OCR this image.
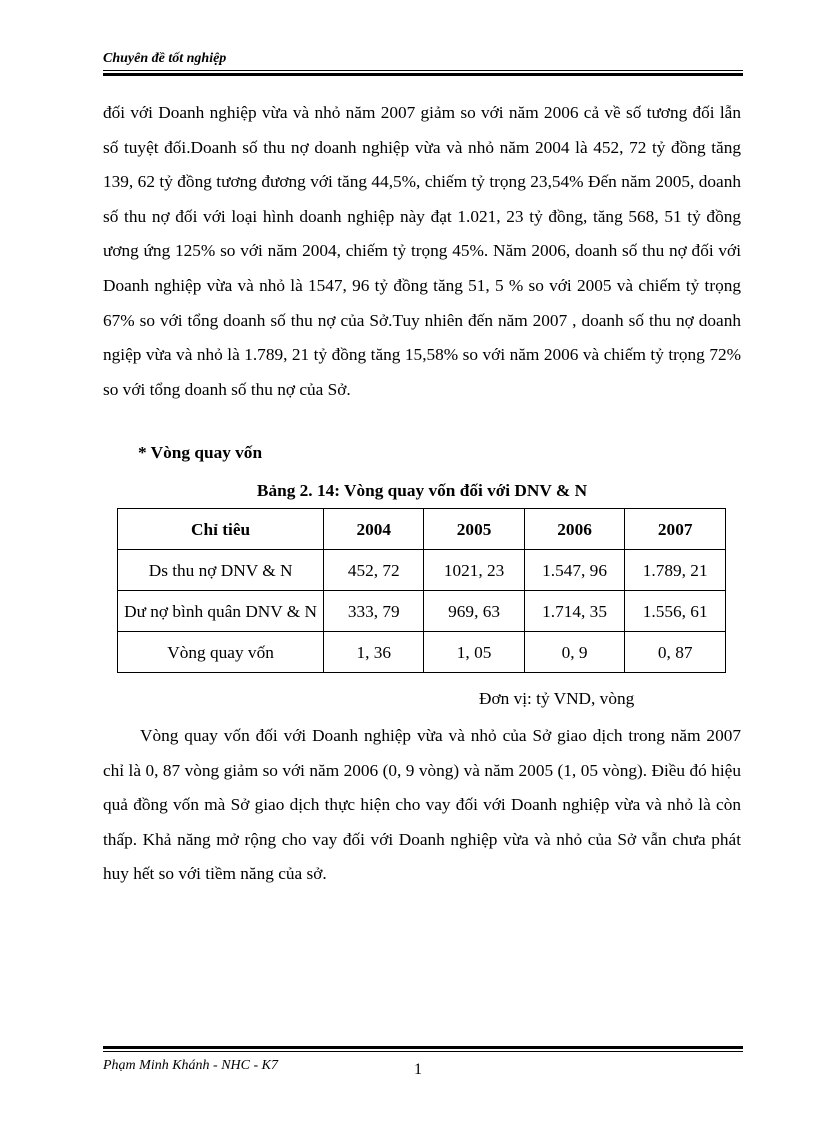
Chuyên đề tốt nghiệp
đối với Doanh nghiệp vừa và nhỏ năm 2007 giảm so với năm 2006 cả về số tương đối lẫn số tuyệt đối.Doanh số thu nợ doanh nghiệp vừa và nhỏ năm 2004 là 452, 72 tỷ đồng tăng 139, 62 tỷ đồng tương đương với tăng 44,5%, chiếm tỷ trọng 23,54% Đến năm 2005, doanh số thu nợ đối với loại hình doanh nghiệp này đạt 1.021, 23 tỷ đồng, tăng 568, 51 tỷ đồng ương ứng 125% so với năm 2004, chiếm tỷ trọng 45%. Năm 2006, doanh số thu nợ đối với Doanh nghiệp vừa và nhỏ là 1547, 96 tỷ đồng tăng 51, 5 % so với 2005 và chiếm tỷ trọng 67% so với tổng doanh số thu nợ của Sở.Tuy nhiên đến năm 2007 , doanh số thu nợ doanh ngiệp vừa và nhỏ là 1.789, 21 tỷ đồng tăng 15,58% so với năm 2006 và chiếm tỷ trọng 72% so với tổng doanh số thu nợ của Sở.
* Vòng quay vốn
Bảng 2. 14: Vòng quay vốn đối với DNV & N
Chỉ tiêu	2004	2005	2006	2007
Ds thu nợ DNV & N	452, 72	1021, 23	1.547, 96	1.789, 21
Dư nợ bình quân DNV & N	333, 79	969, 63	1.714, 35	1.556, 61
Vòng quay vốn	1, 36	1, 05	0, 9	0, 87
Đơn vị: tỷ VND, vòng
Vòng quay vốn đối với Doanh nghiệp vừa và nhỏ của Sở giao dịch trong năm 2007 chỉ là 0, 87 vòng giảm so với năm 2006 (0, 9 vòng) và năm 2005 (1, 05 vòng). Điều đó hiệu quả đồng vốn mà Sở giao dịch thực hiện cho vay đối với Doanh nghiệp vừa và nhỏ là còn thấp. Khả năng mở rộng cho vay đối với Doanh nghiệp vừa và nhỏ của Sở vẫn chưa phát huy hết so với tiềm năng của sở.
Phạm Minh Khánh - NHC - K7	1
